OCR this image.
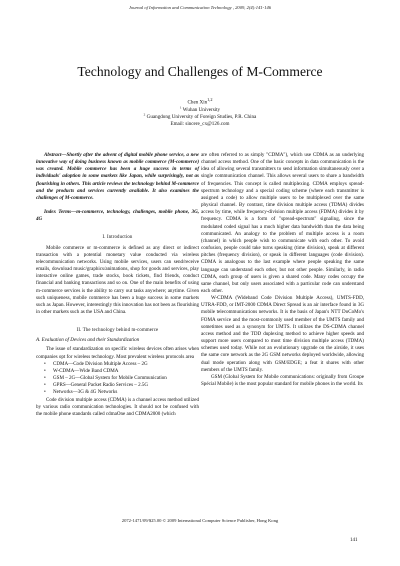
Journal of Information and Communication Technology , 2009, 2(4):141-146
Technology and Challenges of M-Commerce
Chen Xin$^{1,2}$
$^1$ Wuhan University
$^2$ Guangdong University of Foreign Studies, P.R. China
Email: sincere_cx@126.com

Abstract—Shortly after the advent of digital mobile phone service, a new innovative way of doing business known as mobile commerce (M-commerce) was created. Mobile commerce has been a huge success in terms of individuals' adoption in some markets like Japan, while surprisingly, not as flourishing in others. This article reviews the technology behind M-commerce and the products and services currently available. It also examines the challenges of M-commerce.

Index Terms—m-commerce, technology, challenges, mobile phone, 3G, 4G

I. Introduction

Mobile commerce or m-commerce is defined as any direct or indirect transaction with a potential monetary value conducted via wireless telecommunication networks. Using mobile services, users can send/receive emails, download music/graphics/animations, shop for goods and services, play interactive online games, trade stocks, book tickets, find friends, conduct financial and banking transactions and so on. One of the main benefits of using m-commerce services is the ability to carry out tasks anywhere; anytime. Given such uniqueness, mobile commerce has been a huge success in some markets such as Japan. However, interestingly this innovation has not been as flourishing in other markets such as the USA and China.

II. The technology behind m-commerce
A. Evaluation of Devices and their Standardization

The issue of standardization on specific wireless devices often arises when companies opt for wireless technology. Most prevalent wireless protocols area

• CDMA—Code Division Multiple Access – 2G
• W-CDMA—Wide Band CDMA
• GSM – 2G—Global System for Mobile Communication
• GPRS—General Packet Radio Services – 2.5G
• Networks—3G & 4G Networks

Code division multiple access (CDMA) is a channel access method utilized by various radio communication technologies. It should not be confused with the mobile phone standards called cdmaOne and CDMA2000 (which

are often referred to as simply "CDMA"), which use CDMA as an underlying channel access method. One of the basic concepts in data communication is the idea of allowing several transmitters to send information simultaneously over a single communication channel. This allows several users to share a bandwidth of frequencies. This concept is called multiplexing. CDMA employs spread-spectrum technology and a special coding scheme (where each transmitter is assigned a code) to allow multiple users to be multiplexed over the same physical channel. By contrast, time division multiple access (TDMA) divides access by time, while frequency-division multiple access (FDMA) divides it by frequency. CDMA is a form of "spread-spectrum" signaling, since the modulated coded signal has a much higher data bandwidth than the data being communicated. An analogy to the problem of multiple access is a room (channel) in which people wish to communicate with each other. To avoid confusion, people could take turns speaking (time division), speak at different pitches (frequency division), or speak in different languages (code division). CDMA is analogous to the last example where people speaking the same language can understand each other, but not other people. Similarly, in radio CDMA, each group of users is given a shared code. Many codes occupy the same channel, but only users associated with a particular code can understand each other.

W-CDMA (Wideband Code Division Multiple Access), UMTS-FDD, UTRA-FDD, or IMT-2000 CDMA Direct Spread is an air interface found in 3G mobile telecommunications networks. It is the basis of Japan's NTT DoCoMo's FOMA service and the most-commonly used member of the UMTS family and sometimes used as a synonym for UMTS. It utilizes the DS-CDMA channel access method and the TDD duplexing method to achieve higher speeds and support more users compared to most time division multiple access (TDMA) schemes used today. While not an evolutionary upgrade on the airside, it uses the same core network as the 2G GSM networks deployed worldwide, allowing dual mode operation along with GSM/EDGE; a feat it shares with other members of the UMTS family.

GSM (Global System for Mobile communications: originally from Groupe Spécial Mobile) is the most popular standard for mobile phones in the world. Its

2072-1471/09/$25.00 © 2009 International Computer Science Publisher, Hong Kong
141
